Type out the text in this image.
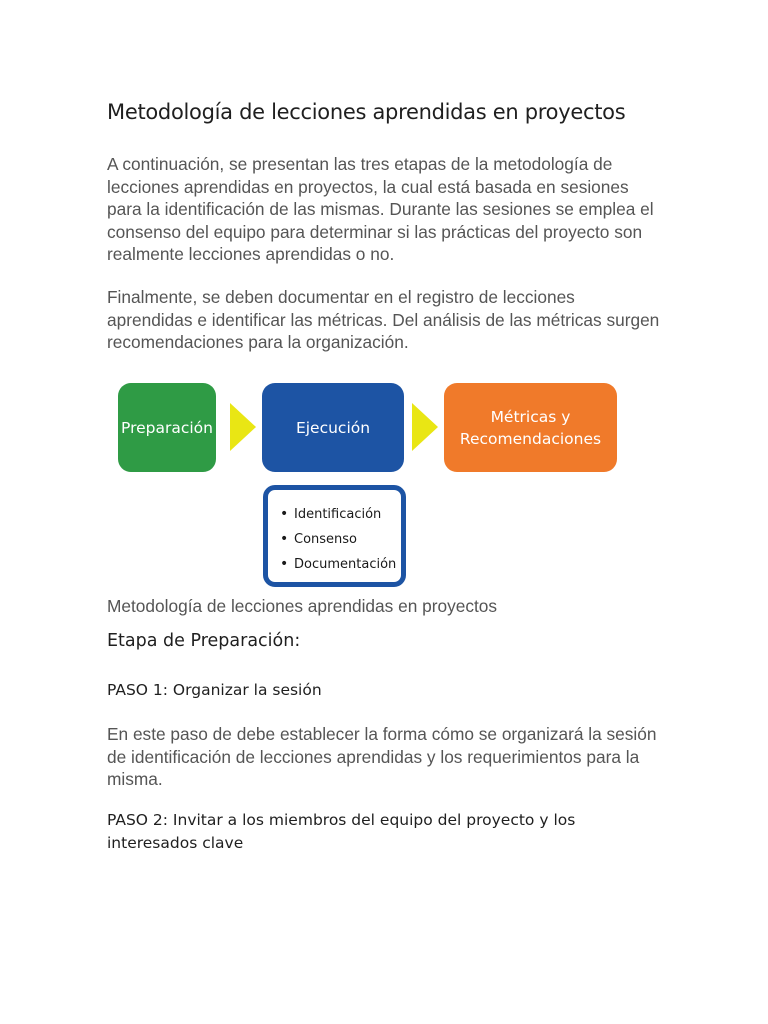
Metodología de lecciones aprendidas en proyectos

A continuación, se presentan las tres etapas de la metodología de lecciones aprendidas en proyectos, la cual está basada en sesiones para la identificación de las mismas. Durante las sesiones se emplea el consenso del equipo para determinar si las prácticas del proyecto son realmente lecciones aprendidas o no.

Finalmente, se deben documentar en el registro de lecciones aprendidas e identificar las métricas. Del análisis de las métricas surgen recomendaciones para la organización.

Metodología de lecciones aprendidas en proyectos

Etapa de Preparación:
PASO 1: Organizar la sesión

En este paso de debe establecer la forma cómo se organizará la sesión de identificación de lecciones aprendidas y los requerimientos para la misma.

PASO 2: Invitar a los miembros del equipo del proyecto y los interesados clave
Preparación	Ejecución
Métricas y Recomendaciones
• Identificación
• Consenso
• Documentación
